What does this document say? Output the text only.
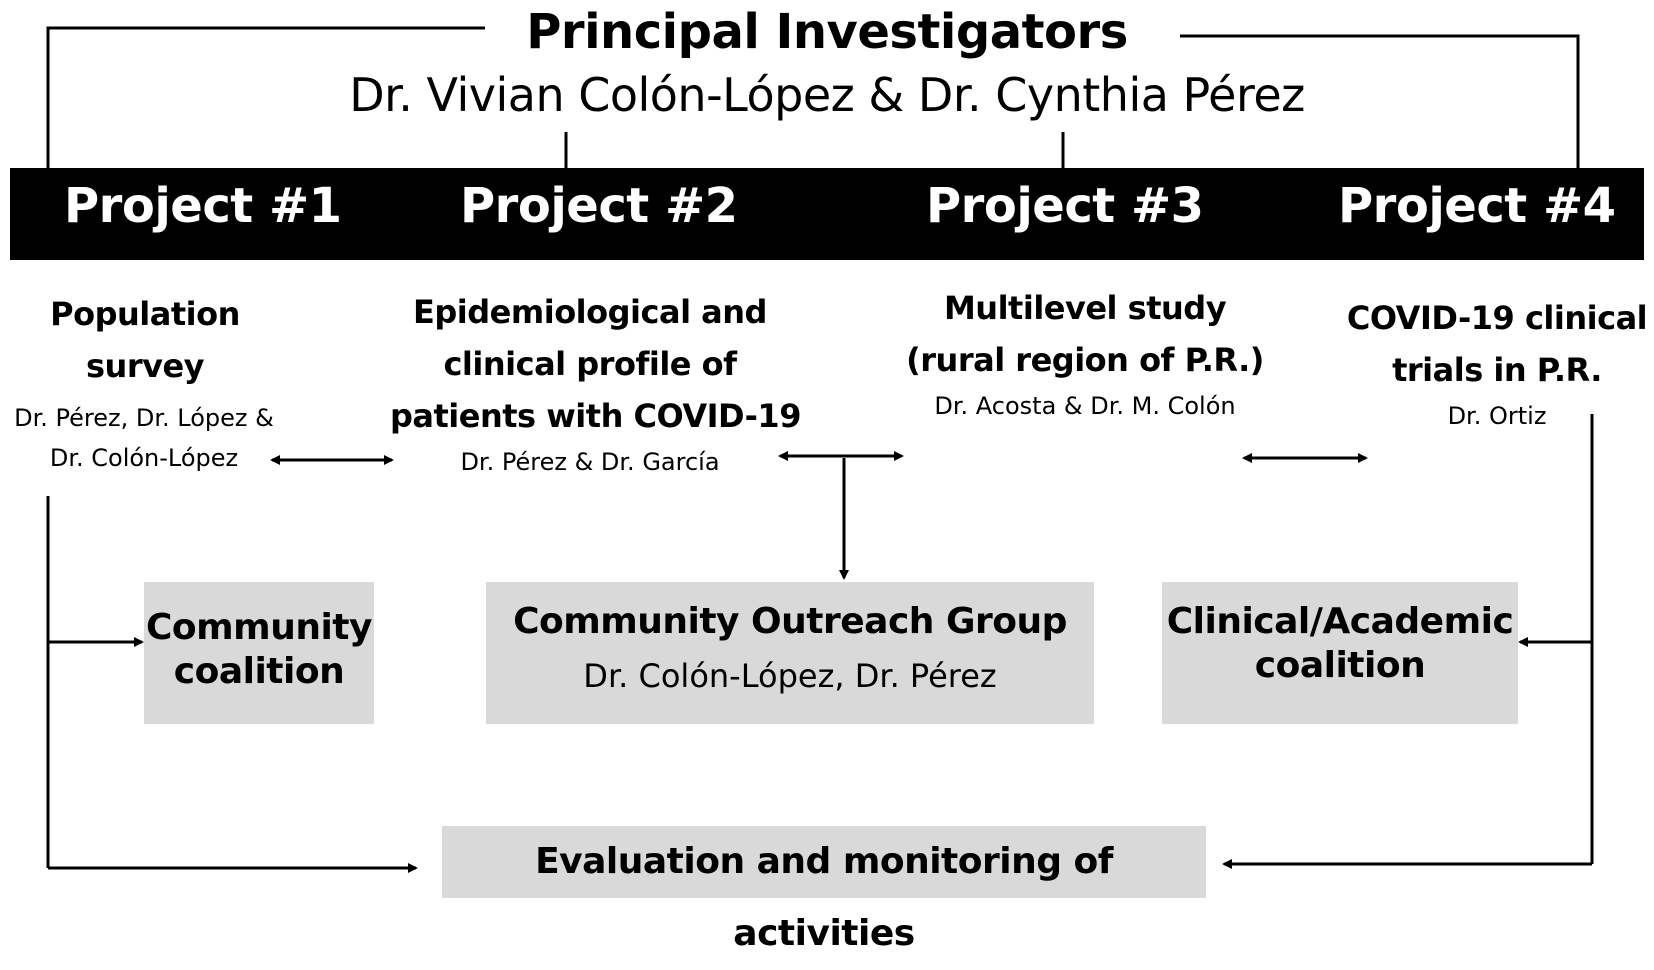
Principal Investigators
Dr. Vivian Colón-López & Dr. Cynthia Pérez
Project #1 Project #2	Project #3	Project #4
Population
survey
Dr. Pérez, Dr. López &
Dr. Colón-López
Epidemiological and
clinical profile of
patients with COVID-19
Dr. Pérez & Dr. García
Multilevel study
(rural region of P.R.)
Dr. Acosta & Dr. M. Colón
COVID-19 clinical
trials in P.R.
Dr. Ortiz
Community
coalition
Community Outreach Group
Dr. Colón-López, Dr. Pérez
Clinical/Academic
coalition
Evaluation and monitoring of activities
